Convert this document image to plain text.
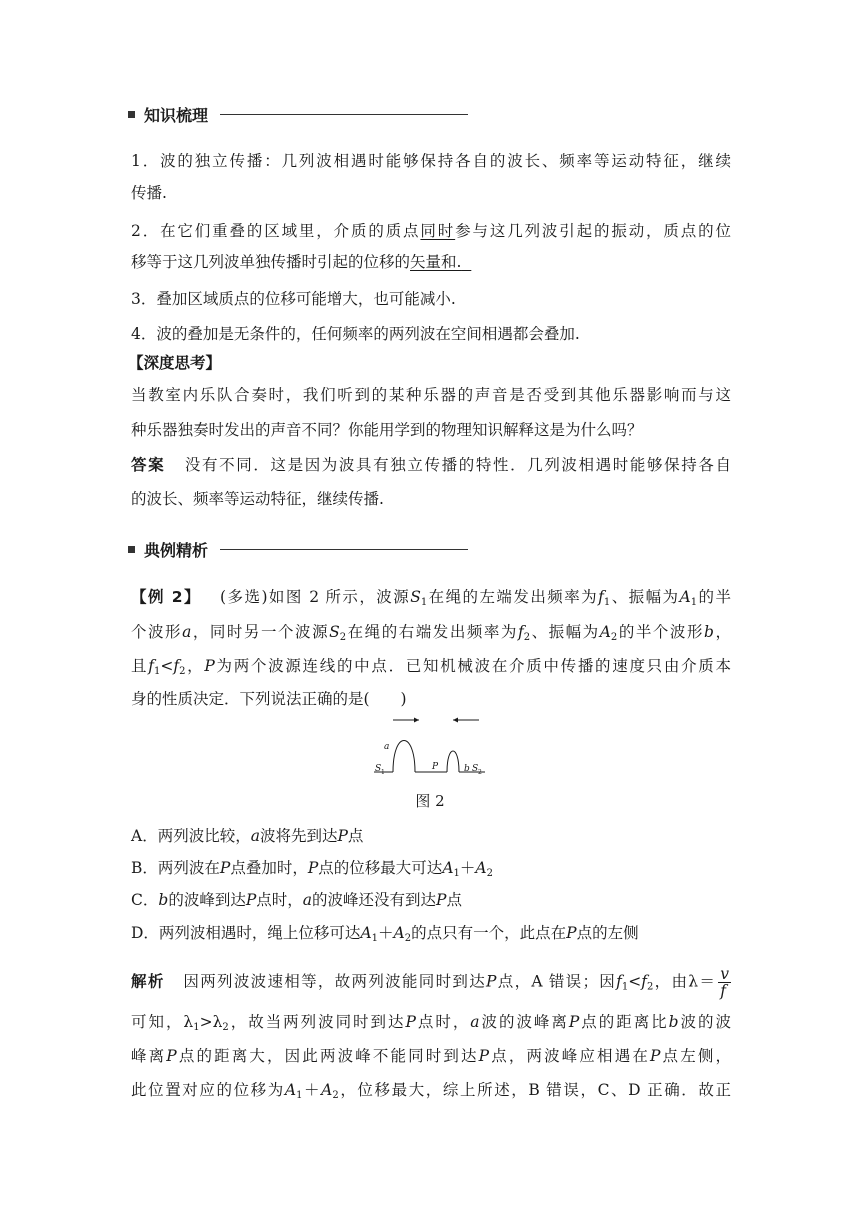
知识梳理
1．波的独立传播：几列波相遇时能够保持各自的波长、频率等运动特征，继续
传播.
2．在它们重叠的区域里，介质的质点同时参与这几列波引起的振动，质点的位
移等于这几列波单独传播时引起的位移的矢量和.
3．叠加区域质点的位移可能增大，也可能减小.
4．波的叠加是无条件的，任何频率的两列波在空间相遇都会叠加.
【深度思考】
当教室内乐队合奏时，我们听到的某种乐器的声音是否受到其他乐器影响而与这
种乐器独奏时发出的声音不同？你能用学到的物理知识解释这是为什么吗？
答案 没有不同．这是因为波具有独立传播的特性．几列波相遇时能够保持各自
的波长、频率等运动特征，继续传播.
典例精析
【例 2】 (多选)如图 2 所示，波源$S_1$在绳的左端发出频率为$f_1$、振幅为$A_1$的半
个波形a，同时另一个波源$S_2$在绳的右端发出频率为$f_2$、振幅为$A_2$的半个波形b，
且$f_1<f_2$，P为两个波源连线的中点．已知机械波在介质中传播的速度只由介质本
身的性质决定．下列说法正确的是(　　)
a
S 1
P	b S 2
图 2
A．两列波比较，a波将先到达P点
B．两列波在P点叠加时，P点的位移最大可达$A_1+A_2$
C．b的波峰到达P点时，a的波峰还没有到达P点
D．两列波相遇时，绳上位移可达$A_1+A_2$的点只有一个，此点在P点的左侧
解析 因两列波波速相等，故两列波能同时到达P点，A 错误；因$f_1<f_2$，由$\lambda= \frac{v}{f}$
可知，$\lambda_1>\lambda_2$，故当两列波同时到达P点时，a波的波峰离P点的距离比b波的波
峰离P点的距离大，因此两波峰不能同时到达P点，两波峰应相遇在P点左侧，
此位置对应的位移为$A_1+A_2$，位移最大，综上所述，B 错误，C、D 正确．故正
